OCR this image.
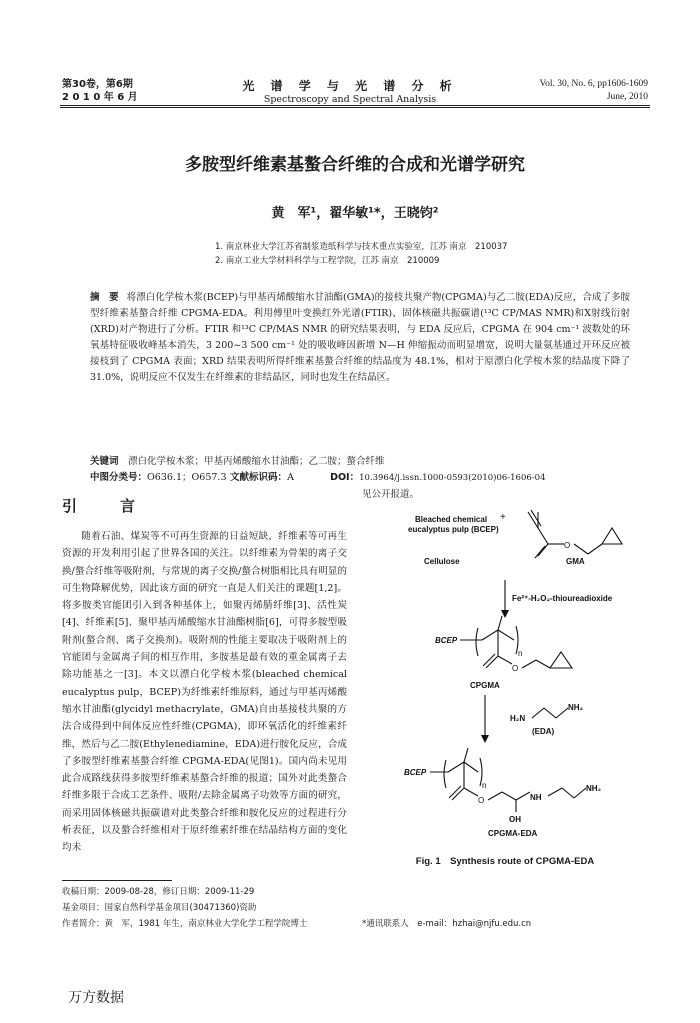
第30卷，第6期
2 0 1 0 年 6 月
光 谱 学 与 光 谱 分 析
Spectroscopy and Spectral Analysis
Vol. 30, No. 6, pp1606-1609
June, 2010
多胺型纤维素基螯合纤维的合成和光谱学研究
黄　军¹，翟华敏¹*，王晓钧²
1. 南京林业大学江苏省制浆造纸科学与技术重点实验室，江苏 南京　210037
2. 南京工业大学材料科学与工程学院，江苏 南京　210009
摘　要 将漂白化学桉木浆(BCEP)与甲基丙烯酸缩水甘油酯(GMA)的接枝共聚产物(CPGMA)与乙二胺(EDA)反应，合成了多胺型纤维素基螯合纤维 CPGMA-EDA。利用傅里叶变换红外光谱(FTIR)、固体核磁共振碳谱(¹³C CP/MAS NMR)和X射线衍射(XRD)对产物进行了分析。FTIR 和¹³C CP/MAS NMR 的研究结果表明，与 EDA 反应后，CPGMA 在 904 cm⁻¹ 波数处的环氧基特征吸收峰基本消失，3 200~3 500 cm⁻¹ 处的吸收峰因新增 N—H 伸缩振动而明显增宽，说明大量氨基通过开环反应被接枝到了 CPGMA 表面；XRD 结果表明所得纤维素基螯合纤维的结晶度为 48.1%，相对于原漂白化学桉木浆的结晶度下降了31.0%，说明反应不仅发生在纤维素的非结晶区，同时也发生在结晶区。
关键词　 漂白化学桉木浆；甲基丙烯酸缩水甘油酯；乙二胺；螯合纤维
中图分类号：O636.1；O657.3 文献标识码：A	DOI：10.3964/j.issn.1000-0593(2010)06-1606-04
引　言
随着石油、煤炭等不可再生资源的日益短缺，纤维素等可再生资源的开发利用引起了世界各国的关注。以纤维素为骨架的离子交换/螯合纤维等吸附剂，与常规的离子交换/螯合树脂相比具有明显的可生物降解优势，因此该方面的研究一直是人们关注的课题[1,2]。将多胺类官能团引入到各种基体上，如聚丙烯腈纤维[3]、活性炭[4]、纤维素[5]、聚甲基丙烯酸缩水甘油酯树脂[6]，可得多胺型吸附剂(螯合剂、离子交换剂)。吸附剂的性能主要取决于吸附剂上的官能团与金属离子间的相互作用，多胺基是最有效的重金属离子去除功能基之一[3]。本文以漂白化学桉木浆(bleached chemical eucalyptus pulp，BCEP)为纤维素纤维原料，通过与甲基丙烯酸缩水甘油酯(glycidyl methacrylate，GMA)自由基接枝共聚的方法合成得到中间体反应性纤维(CPGMA)，即环氧活化的纤维素纤维，然后与乙二胺(Ethylenediamine，EDA)进行胺化反应，合成了多胺型纤维素基螯合纤维 CPGMA-EDA(见图1)。国内尚未见用此合成路线获得多胺型纤维素基螯合纤维的报道；国外对此类螯合纤维多限于合成工艺条件、吸附/去除金属离子功效等方面的研究，而采用固体核磁共振碳谱对此类螯合纤维和胺化反应的过程进行分析表征，以及螯合纤维相对于原纤维素纤维在结晶结构方面的变化均未
见公开报道。
Bleached chemical
eucalyptus pulp (BCEP)
+
Cellulose	GMA
O
Fe²⁺-H₂O₂-thioureadioxide
BCEP
n
O
CPGMA
H₂N
NH₂
(EDA)
BCEP
n
O	NH
NH₂
OH
CPGMA-EDA
Fig. 1　Synthesis route of CPGMA-EDA
收稿日期：2009-08-28，修订日期：2009-11-29
基金项目：国家自然科学基金项目(30471360)资助
作者简介：黄　军，1981 年生，南京林业大学化学工程学院博士	*通讯联系人　e-mail：hzhai@njfu.edu.cn
万方数据
